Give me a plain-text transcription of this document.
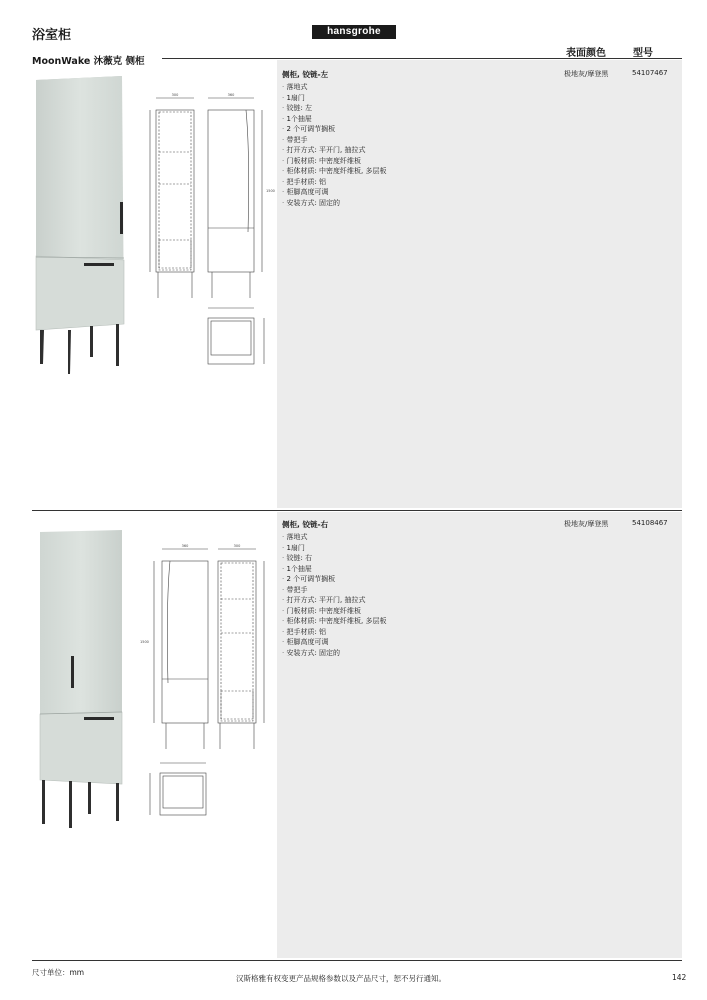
浴室柜	hansgrohe
MoonWake 沐薇克 侧柜
表面颜色	型号
300	360
1500
侧柜, 铰链-左
· 落地式
· 1扇门
· 铰链: 左
· 1个抽屉
· 2 个可调节搁板
· 带把手
· 打开方式: 平开门, 抽拉式
· 门板材质: 中密度纤维板
· 柜体材质: 中密度纤维板, 多层板
· 把手材质: 铝
· 柜脚高度可调
· 安装方式: 固定的
极地灰/摩登黑	54107467
360	300
1500
侧柜, 铰链-右
· 落地式
· 1扇门
· 铰链: 右
· 1个抽屉
· 2 个可调节搁板
· 带把手
· 打开方式: 平开门, 抽拉式
· 门板材质: 中密度纤维板
· 柜体材质: 中密度纤维板, 多层板
· 把手材质: 铝
· 柜脚高度可调
· 安装方式: 固定的
极地灰/摩登黑	54108467
尺寸单位：mm
汉斯格雅有权变更产品规格参数以及产品尺寸，恕不另行通知。	142
